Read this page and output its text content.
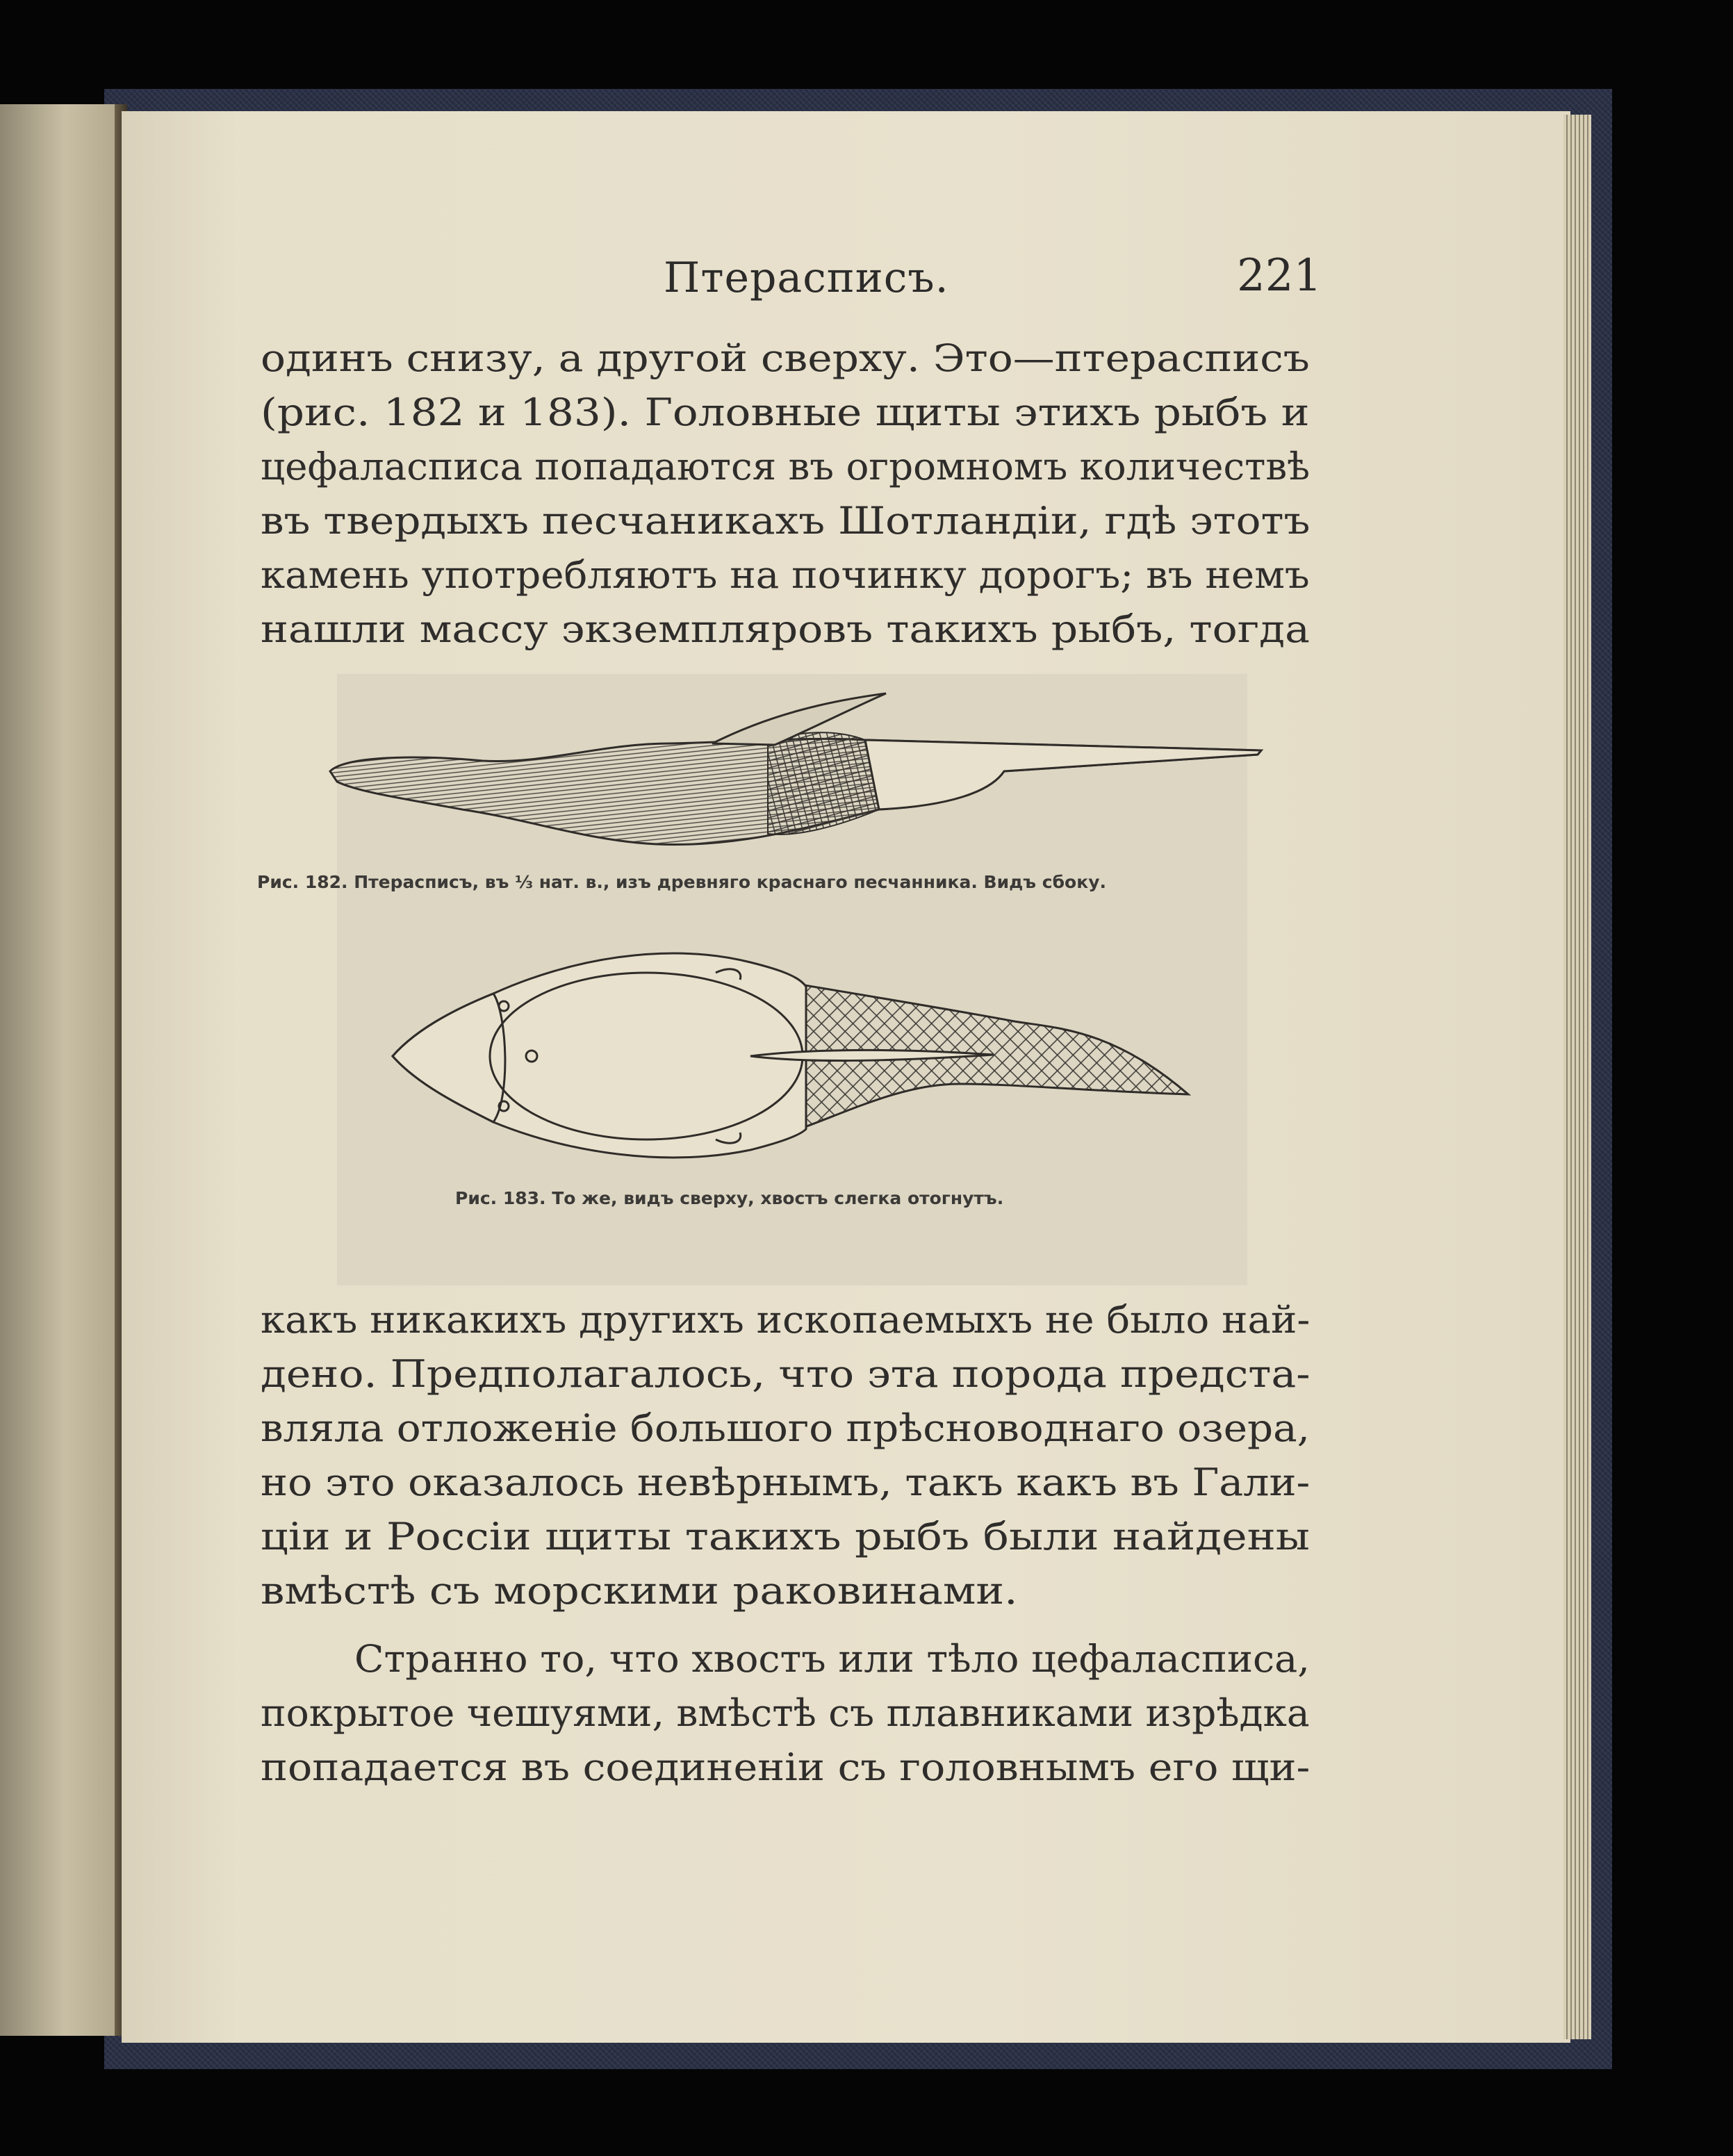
Птерасписъ.	221
одинъ снизу, а другой сверху. Это—птерасписъ
(рис. 182 и 183). Головные щиты этихъ рыбъ и
цефаласписа попадаются въ огромномъ количествѣ
въ твердыхъ песчаникахъ Шотландіи, гдѣ этотъ
камень употребляютъ на починку дорогъ; въ немъ
нашли массу экземпляровъ такихъ рыбъ, тогда
Рис. 182. Птерасписъ, въ ⅓ нат. в., изъ древняго краснаго песчанника. Видъ сбоку.
Рис. 183. То же, видъ сверху, хвостъ слегка отогнутъ.
какъ никакихъ другихъ ископаемыхъ не было най-
дено. Предполагалось, что эта порода предста-
вляла отложеніе большого прѣсноводнаго озера,
но это оказалось невѣрнымъ, такъ какъ въ Гали-
ціи и Россіи щиты такихъ рыбъ были найдены
вмѣстѣ съ морскими раковинами.
Странно то, что хвостъ или тѣло цефаласписа,
покрытое чешуями, вмѣстѣ съ плавниками изрѣдка
попадается въ соединеніи съ головнымъ его щи-
